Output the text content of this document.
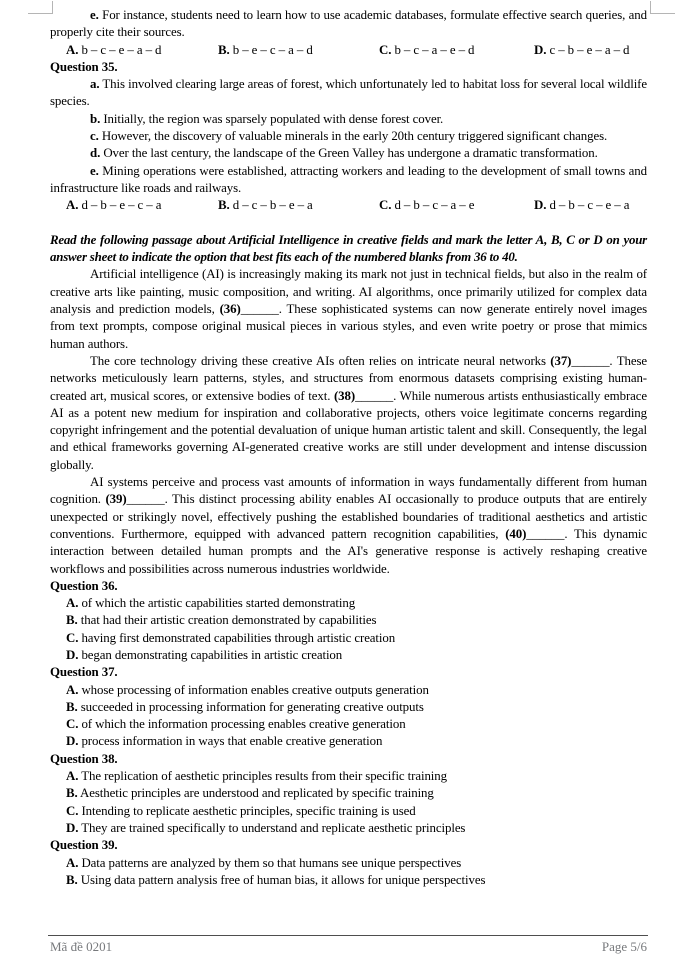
e. For instance, students need to learn how to use academic databases, formulate effective search queries, and properly cite their sources.

A. b – c – e – a – d	B. b – e – c – a – d	C. b – c – a – e – d	D. c – b – e – a – d

Question 35.

a. This involved clearing large areas of forest, which unfortunately led to habitat loss for several local wildlife species.

b. Initially, the region was sparsely populated with dense forest cover.

c. However, the discovery of valuable minerals in the early 20th century triggered significant changes.

d. Over the last century, the landscape of the Green Valley has undergone a dramatic transformation.

e. Mining operations were established, attracting workers and leading to the development of small towns and infrastructure like roads and railways.

A. d – b – e – c – a	B. d – c – b – e – a	C. d – b – c – a – e	D. d – b – c – e – a

Read the following passage about Artificial Intelligence in creative fields and mark the letter A, B, C or D on your answer sheet to indicate the option that best fits each of the numbered blanks from 36 to 40.

Artificial intelligence (AI) is increasingly making its mark not just in technical fields, but also in the realm of creative arts like painting, music composition, and writing. AI algorithms, once primarily utilized for complex data analysis and prediction models, (36)______. These sophisticated systems can now generate entirely novel images from text prompts, compose original musical pieces in various styles, and even write poetry or prose that mimics human authors.

The core technology driving these creative AIs often relies on intricate neural networks (37)______. These networks meticulously learn patterns, styles, and structures from enormous datasets comprising existing human-created art, musical scores, or extensive bodies of text. (38)______. While numerous artists enthusiastically embrace AI as a potent new medium for inspiration and collaborative projects, others voice legitimate concerns regarding copyright infringement and the potential devaluation of unique human artistic talent and skill. Consequently, the legal and ethical frameworks governing AI-generated creative works are still under development and intense discussion globally.

AI systems perceive and process vast amounts of information in ways fundamentally different from human cognition. (39)______. This distinct processing ability enables AI occasionally to produce outputs that are entirely unexpected or strikingly novel, effectively pushing the established boundaries of traditional aesthetics and artistic conventions. Furthermore, equipped with advanced pattern recognition capabilities, (40)______. This dynamic interaction between detailed human prompts and the AI's generative response is actively reshaping creative workflows and possibilities across numerous industries worldwide.

Question 36.

A. of which the artistic capabilities started demonstrating

B. that had their artistic creation demonstrated by capabilities

C. having first demonstrated capabilities through artistic creation

D. began demonstrating capabilities in artistic creation

Question 37.

A. whose processing of information enables creative outputs generation

B. succeeded in processing information for generating creative outputs

C. of which the information processing enables creative generation

D. process information in ways that enable creative generation

Question 38.

A. The replication of aesthetic principles results from their specific training

B. Aesthetic principles are understood and replicated by specific training

C. Intending to replicate aesthetic principles, specific training is used

D. They are trained specifically to understand and replicate aesthetic principles

Question 39.

A. Data patterns are analyzed by them so that humans see unique perspectives

B. Using data pattern analysis free of human bias, it allows for unique perspectives

Mã đề 0201	Page 5/6
